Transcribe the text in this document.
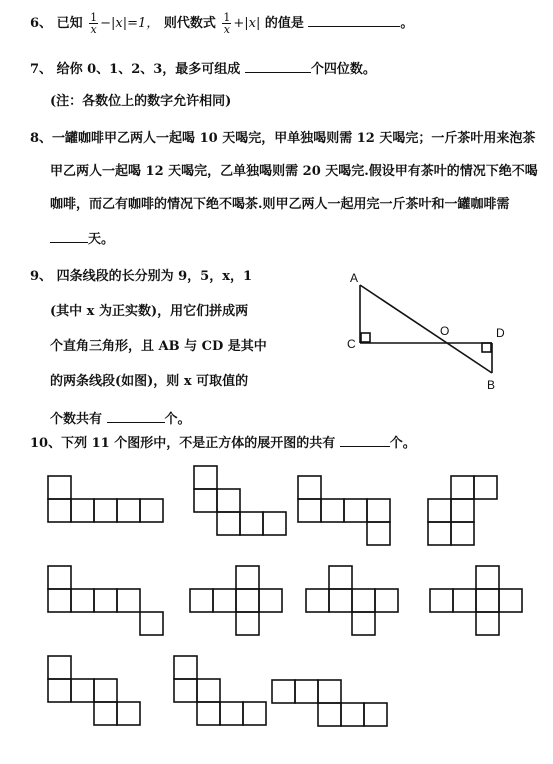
6、 已知 $\frac{1}{x} -|x|=1$， 则代数式 $\frac{1}{x} +|x|$ 的值是	。
7、 给你 0、1、2、3，最多可组成	个四位数。
(注：各数位上的数字允许相同)
8、一罐咖啡甲乙两人一起喝 10 天喝完，甲单独喝则需 12 天喝完；一斤茶叶用来泡茶
甲乙两人一起喝 12 天喝完，乙单独喝则需 20 天喝完.假设甲有茶叶的情况下绝不喝
咖啡，而乙有咖啡的情况下绝不喝茶.则甲乙两人一起用完一斤茶叶和一罐咖啡需
天。
9、 四条线段的长分别为 9，5，x，1
(其中 x 为正实数)，用它们拼成两
个直角三角形，且 AB 与 CD 是其中
的两条线段(如图)，则 x 可取值的
个数共有	个。
10、下列 11 个图形中，不是正方体的展开图的共有	个。
A
C
O	D
B
